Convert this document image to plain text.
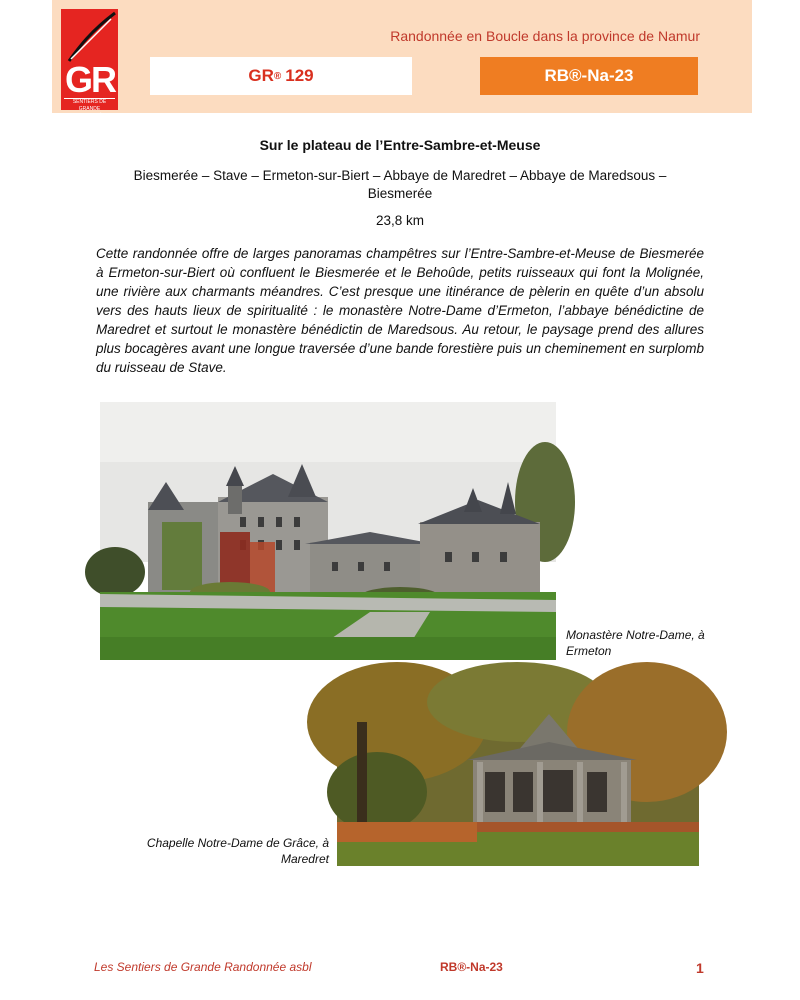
Randonnée en Boucle dans la province de Namur
GR
SENTIERS DE GRANDE RANDONNÉE
GR ® 129	RB®-Na-23
Sur le plateau de l’Entre-Sambre-et-Meuse
Biesmerée – Stave – Ermeton-sur-Biert – Abbaye de Maredret – Abbaye de Maredsous – Biesmerée
23,8 km
Cette randonnée offre de larges panoramas champêtres sur l’Entre-Sambre-et-Meuse de Biesmerée à Ermeton-sur-Biert où confluent le Biesmerée et le Behoûde, petits ruisseaux qui font la Molignée, une rivière aux charmants méandres. C’est presque une itinérance de pèlerin en quête d’un absolu vers des hauts lieux de spiritualité : le monastère Notre-Dame d’Ermeton, l’abbaye bénédictine de Maredret et surtout le monastère bénédictin de Maredsous. Au retour, le paysage prend des allures plus bocagères avant une longue traversée d’une bande forestière puis un cheminement en surplomb du ruisseau de Stave.
Monastère Notre-Dame, à Ermeton
Chapelle Notre-Dame de Grâce, à Maredret
Les Sentiers de Grande Randonnée asbl	RB®-Na-23	1
